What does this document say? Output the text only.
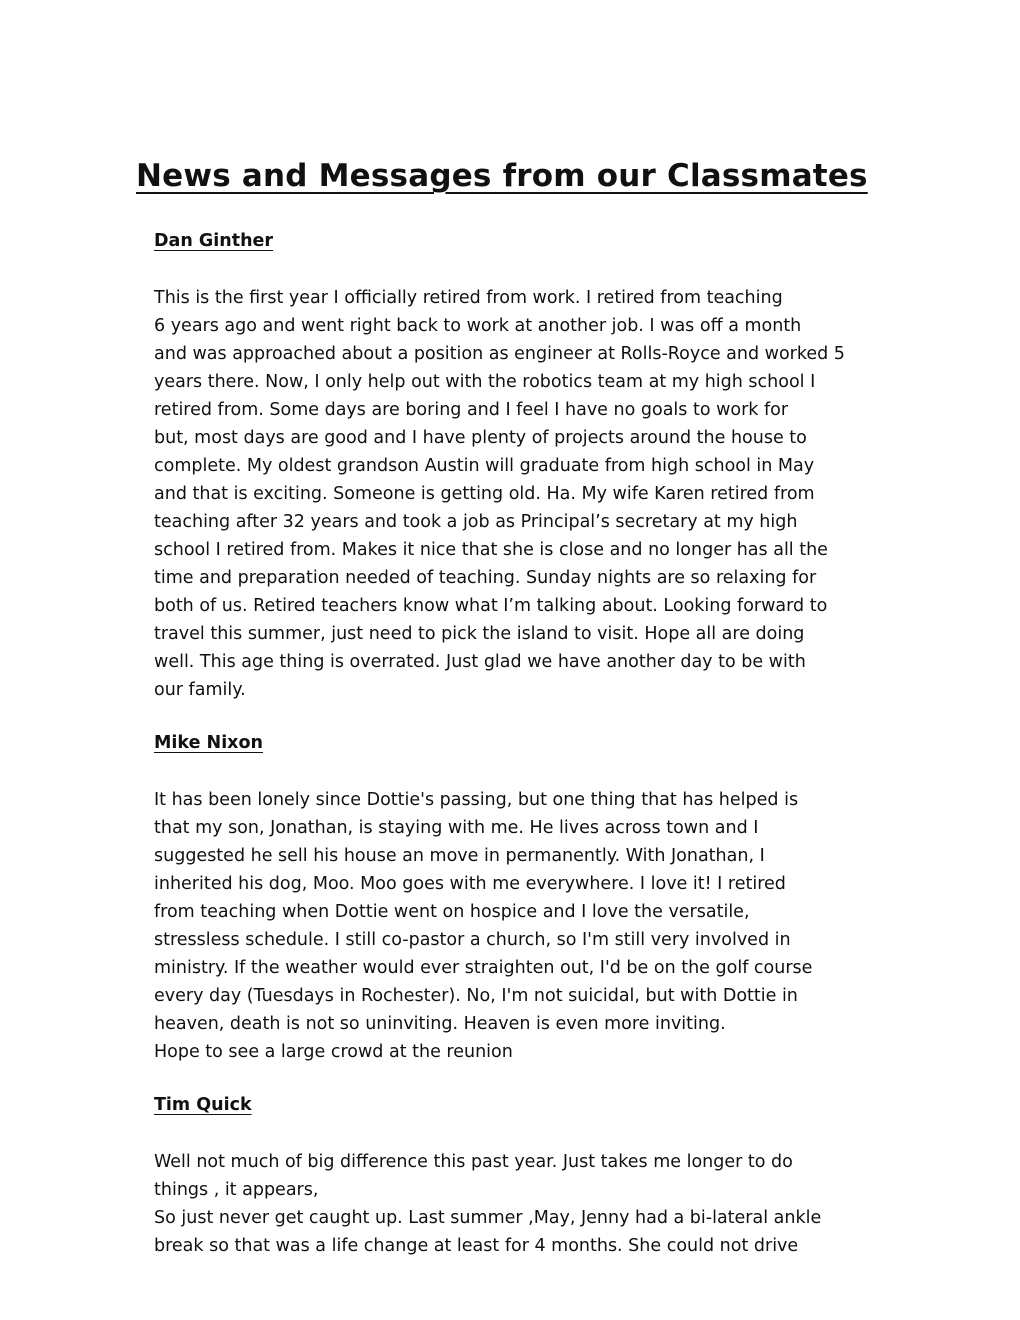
News and Messages from our Classmates
Dan Ginther

This is the first year I officially retired from work. I retired from teaching
6 years ago and went right back to work at another job. I was off a month
and was approached about a position as engineer at Rolls-Royce and worked 5
years there. Now, I only help out with the robotics team at my high school I
retired from. Some days are boring and I feel I have no goals to work for
but, most days are good and I have plenty of projects around the house to
complete. My oldest grandson Austin will graduate from high school in May
and that is exciting. Someone is getting old. Ha. My wife Karen retired from
teaching after 32 years and took a job as Principal’s secretary at my high
school I retired from. Makes it nice that she is close and no longer has all the
time and preparation needed of teaching. Sunday nights are so relaxing for
both of us. Retired teachers know what I’m talking about. Looking forward to
travel this summer, just need to pick the island to visit. Hope all are doing
well. This age thing is overrated. Just glad we have another day to be with
our family.

Mike Nixon

It has been lonely since Dottie's passing, but one thing that has helped is
that my son, Jonathan, is staying with me. He lives across town and I
suggested he sell his house an move in permanently. With Jonathan, I
inherited his dog, Moo. Moo goes with me everywhere. I love it! I retired
from teaching when Dottie went on hospice and I love the versatile,
stressless schedule. I still co-pastor a church, so I'm still very involved in
ministry. If the weather would ever straighten out, I'd be on the golf course
every day (Tuesdays in Rochester). No, I'm not suicidal, but with Dottie in
heaven, death is not so uninviting. Heaven is even more inviting.
Hope to see a large crowd at the reunion

Tim Quick

Well not much of big difference this past year. Just takes me longer to do
things , it appears,
So just never get caught up. Last summer ,May, Jenny had a bi-lateral ankle
break so that was a life change at least for 4 months. She could not drive
